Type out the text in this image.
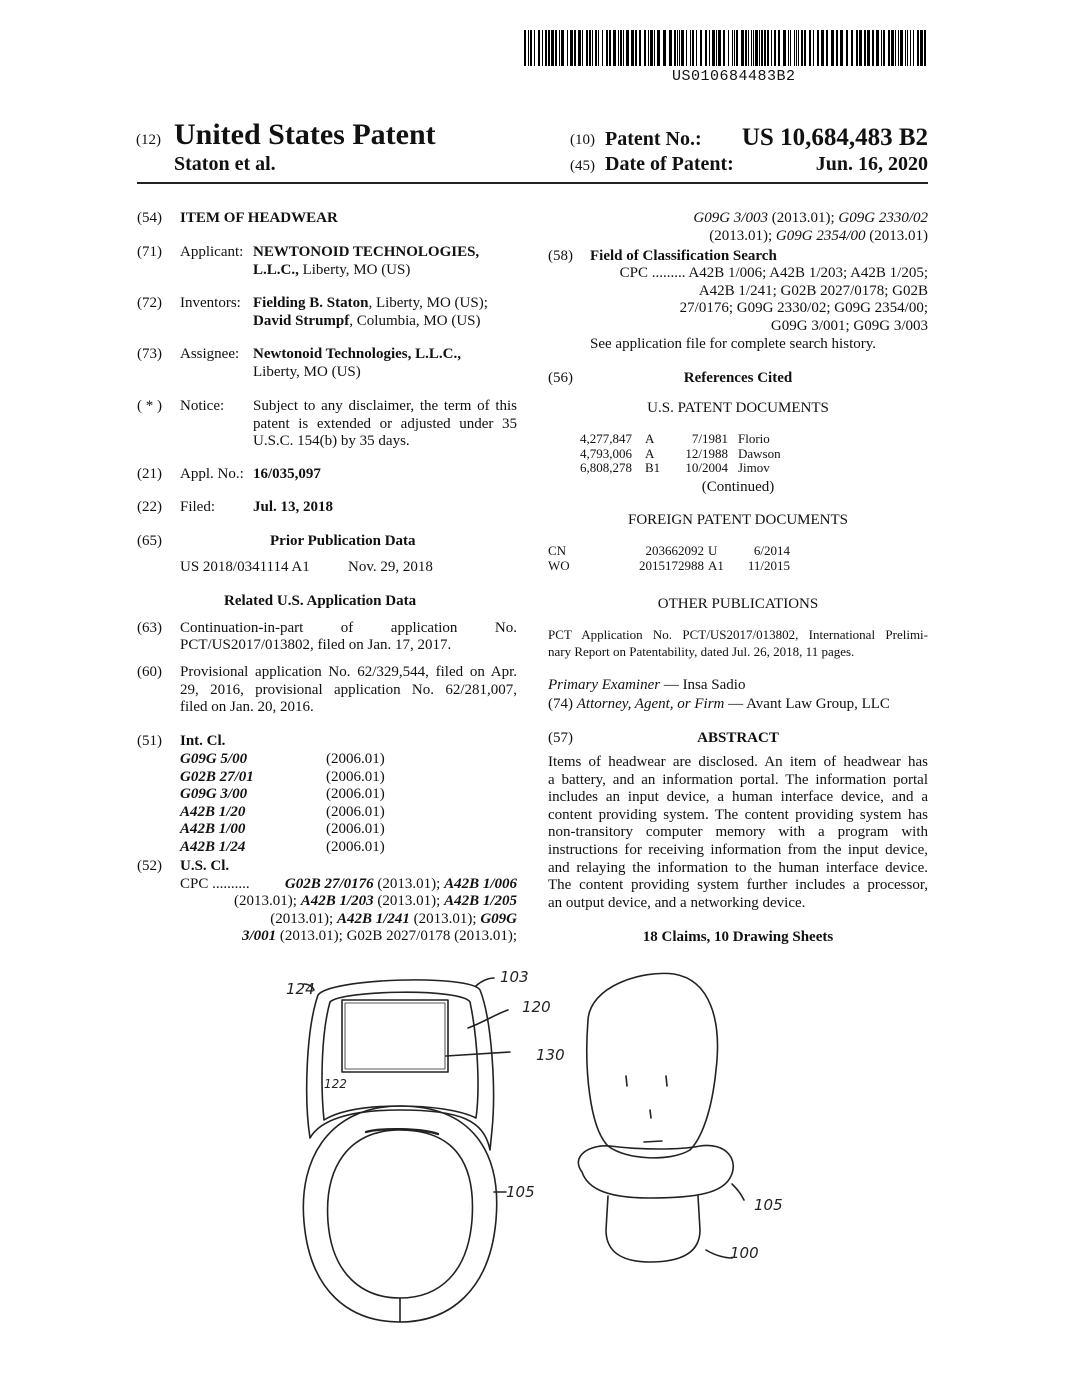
US010684483B2
(12) United States Patent
Staton et al.
(10) Patent No.: US 10,684,483 B2
(45) Date of Patent:	Jun. 16, 2020
(54)	ITEM OF HEADWEAR
(71)	Applicant: NEWTONOID TECHNOLOGIES,
L.L.C., Liberty, MO (US)
(72)	Inventors: Fielding B. Staton, Liberty, MO (US);
David Strumpf, Columbia, MO (US)
(73)	Assignee: Newtonoid Technologies, L.L.C.,
Liberty, MO (US)
( * )	Notice: Subject to any disclaimer, the term of this
patent is extended or adjusted under 35
U.S.C. 154(b) by 35 days.
(21)	Appl. No.: 16/035,097
(22)	Filed:	Jul. 13, 2018
(65)	Prior Publication Data
US 2018/0341114 A1	Nov. 29, 2018
Related U.S. Application Data
(63)	Continuation-in-part of application No.
PCT/US2017/013802, filed on Jan. 17, 2017.
(60)	Provisional application No. 62/329,544, filed on Apr.
29, 2016, provisional application No. 62/281,007,
filed on Jan. 20, 2016.
(51)	Int. Cl.
G09G 5/00	(2006.01)
G02B 27/01	(2006.01)
G09G 3/00	(2006.01)
A42B 1/20	(2006.01)
A42B 1/00	(2006.01)
A42B 1/24	(2006.01)
(52)	U.S. Cl.
CPC .......... G02B 27/0176 (2013.01); A42B 1/006
(2013.01); A42B 1/203 (2013.01); A42B 1/205
(2013.01); A42B 1/241 (2013.01); G09G
3/001 (2013.01); G02B 2027/0178 (2013.01);
G09G 3/003 (2013.01); G09G 2330/02
(2013.01); G09G 2354/00 (2013.01)
(58) Field of Classification Search
CPC ......... A42B 1/006; A42B 1/203; A42B 1/205;
A42B 1/241; G02B 2027/0178; G02B
27/0176; G09G 2330/02; G09G 2354/00;
G09G 3/001; G09G 3/003
See application file for complete search history.
(56)	References Cited
U.S. PATENT DOCUMENTS
4,277,847 A	7/1981 Florio
4,793,006 A	12/1988 Dawson
6,808,278 B1	10/2004 Jimov
(Continued)
FOREIGN PATENT DOCUMENTS
CN	203662092 U	6/2014
WO	2015172988 A1	11/2015
OTHER PUBLICATIONS
PCT Application No. PCT/US2017/013802, International Prelimi-
nary Report on Patentability, dated Jul. 26, 2018, 11 pages.
Primary Examiner — Insa Sadio
(74) Attorney, Agent, or Firm — Avant Law Group, LLC
(57)	ABSTRACT
Items of headwear are disclosed. An item of headwear has
a battery, and an information portal. The information portal
includes an input device, a human interface device, and a
content providing system. The content providing system has
non-transitory computer memory with a program with
instructions for receiving information from the input device,
and relaying the information to the human interface device.
The content providing system further includes a processor,
an output device, and a networking device.
18 Claims, 10 Drawing Sheets
124
103
120
130
122
105
105
100
